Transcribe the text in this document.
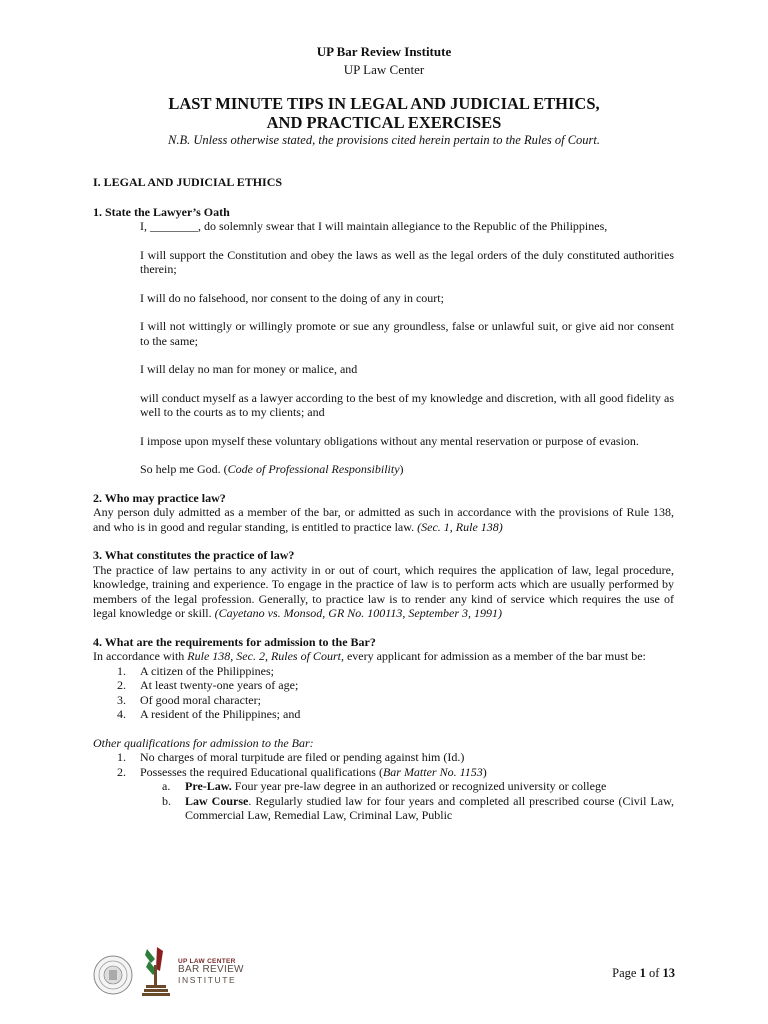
UP Bar Review Institute
UP Law Center
LAST MINUTE TIPS IN LEGAL AND JUDICIAL ETHICS,
AND PRACTICAL EXERCISES
N.B. Unless otherwise stated, the provisions cited herein pertain to the Rules of Court.
I. LEGAL AND JUDICIAL ETHICS
1. State the Lawyer’s Oath

I, ________, do solemnly swear that I will maintain allegiance to the Republic of the Philippines,

I will support the Constitution and obey the laws as well as the legal orders of the duly constituted authorities therein;

I will do no falsehood, nor consent to the doing of any in court;

I will not wittingly or willingly promote or sue any groundless, false or unlawful suit, or give aid nor consent to the same;

I will delay no man for money or malice, and

will conduct myself as a lawyer according to the best of my knowledge and discretion, with all good fidelity as well to the courts as to my clients; and

I impose upon myself these voluntary obligations without any mental reservation or purpose of evasion.

So help me God. (Code of Professional Responsibility)

2. Who may practice law?

Any person duly admitted as a member of the bar, or admitted as such in accordance with the provisions of Rule 138, and who is in good and regular standing, is entitled to practice law. (Sec. 1, Rule 138)

3. What constitutes the practice of law?

The practice of law pertains to any activity in or out of court, which requires the application of law, legal procedure, knowledge, training and experience. To engage in the practice of law is to perform acts which are usually performed by members of the legal profession. Generally, to practice law is to render any kind of service which requires the use of legal knowledge or skill. (Cayetano vs. Monsod, GR No. 100113, September 3, 1991)

4. What are the requirements for admission to the Bar?

In accordance with Rule 138, Sec. 2, Rules of Court, every applicant for admission as a member of the bar must be:

1. A citizen of the Philippines;
2. At least twenty-one years of age;
3. Of good moral character;
4. A resident of the Philippines; and

Other qualifications for admission to the Bar:

1. No charges of moral turpitude are filed or pending against him (Id.)
2. Possesses the required Educational qualifications (Bar Matter No. 1153)
a. Pre-Law. Four year pre-law degree in an authorized or recognized university or college
b. Law Course. Regularly studied law for four years and completed all prescribed course (Civil Law, Commercial Law, Remedial Law, Criminal Law, Public
UP LAW CENTER
BAR REVIEW
INSTITUTE	Page 1 of 13
